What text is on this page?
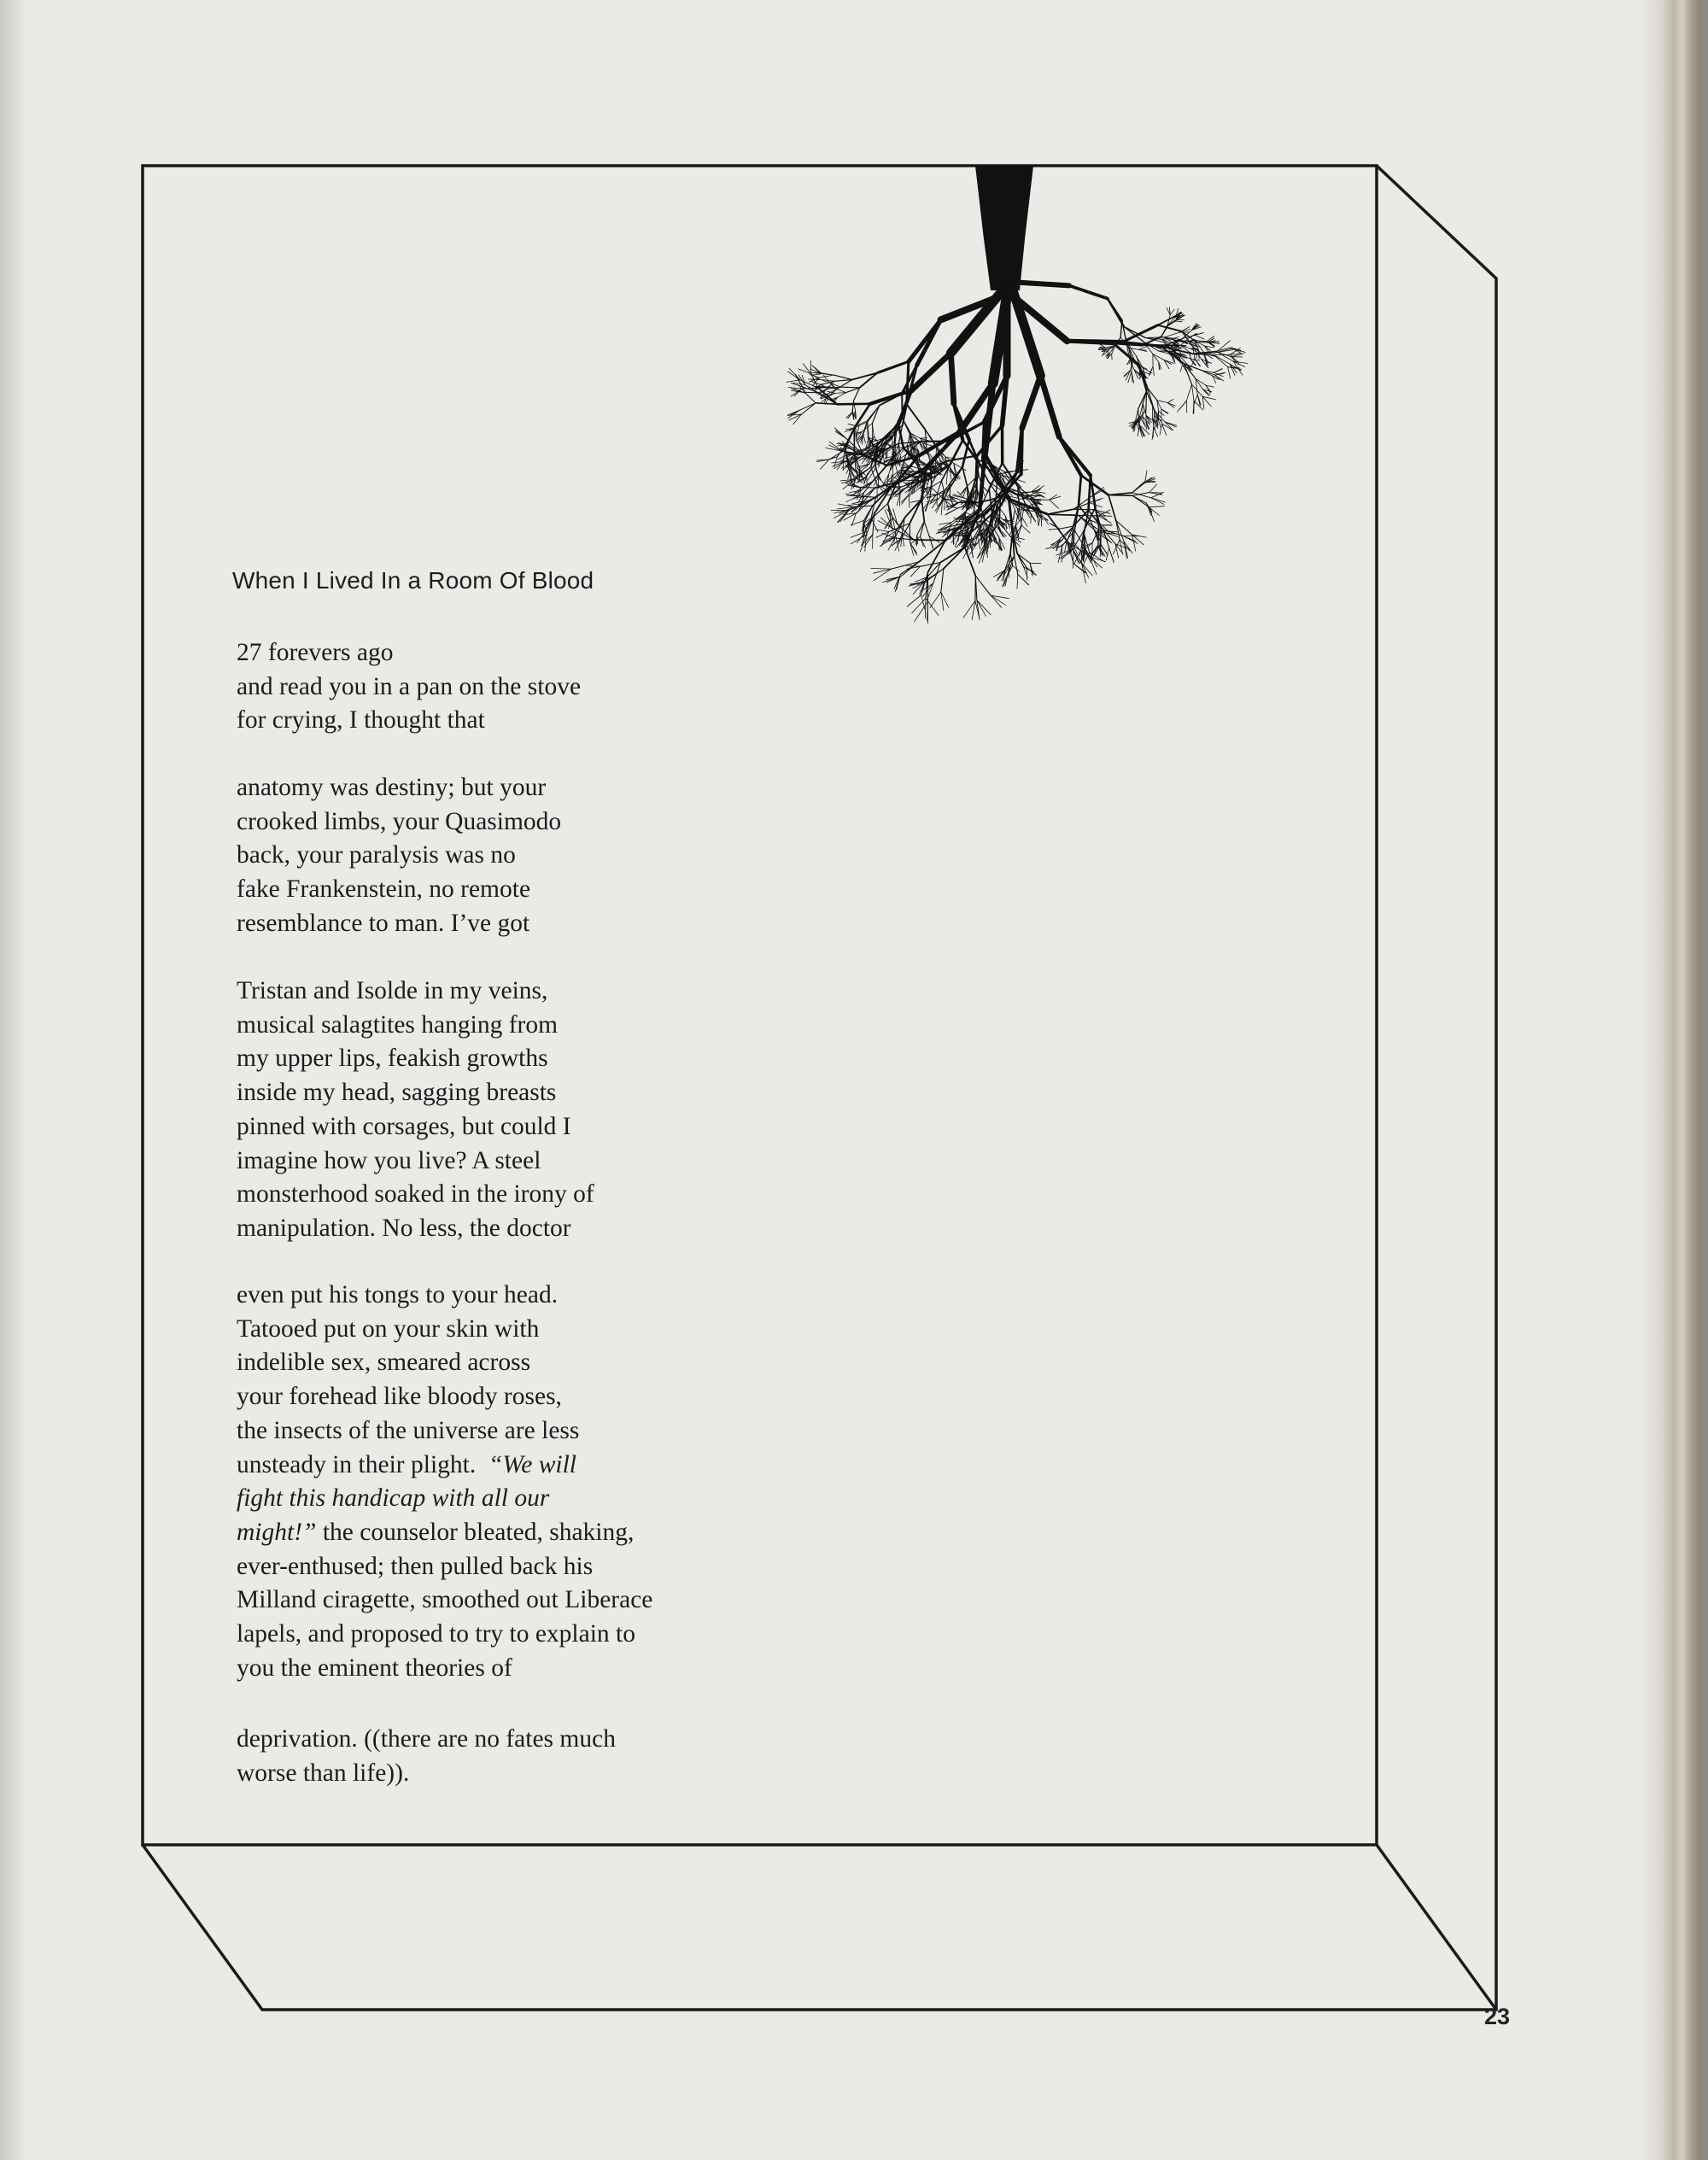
When I Lived In a Room Of Blood
27 forevers ago
and read you in a pan on the stove
for crying, I thought that
anatomy was destiny; but your
crooked limbs, your Quasimodo
back, your paralysis was no
fake Frankenstein, no remote
resemblance to man. I’ve got
Tristan and Isolde in my veins,
musical salagtites hanging from
my upper lips, feakish growths
inside my head, sagging breasts
pinned with corsages, but could I
imagine how you live? A steel
monsterhood soaked in the irony of
manipulation. No less, the doctor
even put his tongs to your head.
Tatooed put on your skin with
indelible sex, smeared across
your forehead like bloody roses,
the insects of the universe are less
unsteady in their plight. “We will
fight this handicap with all our
might!” the counselor bleated, shaking,
ever-enthused; then pulled back his
Milland ciragette, smoothed out Liberace
lapels, and proposed to try to explain to
you the eminent theories of
deprivation. ((there are no fates much
worse than life)).
23
